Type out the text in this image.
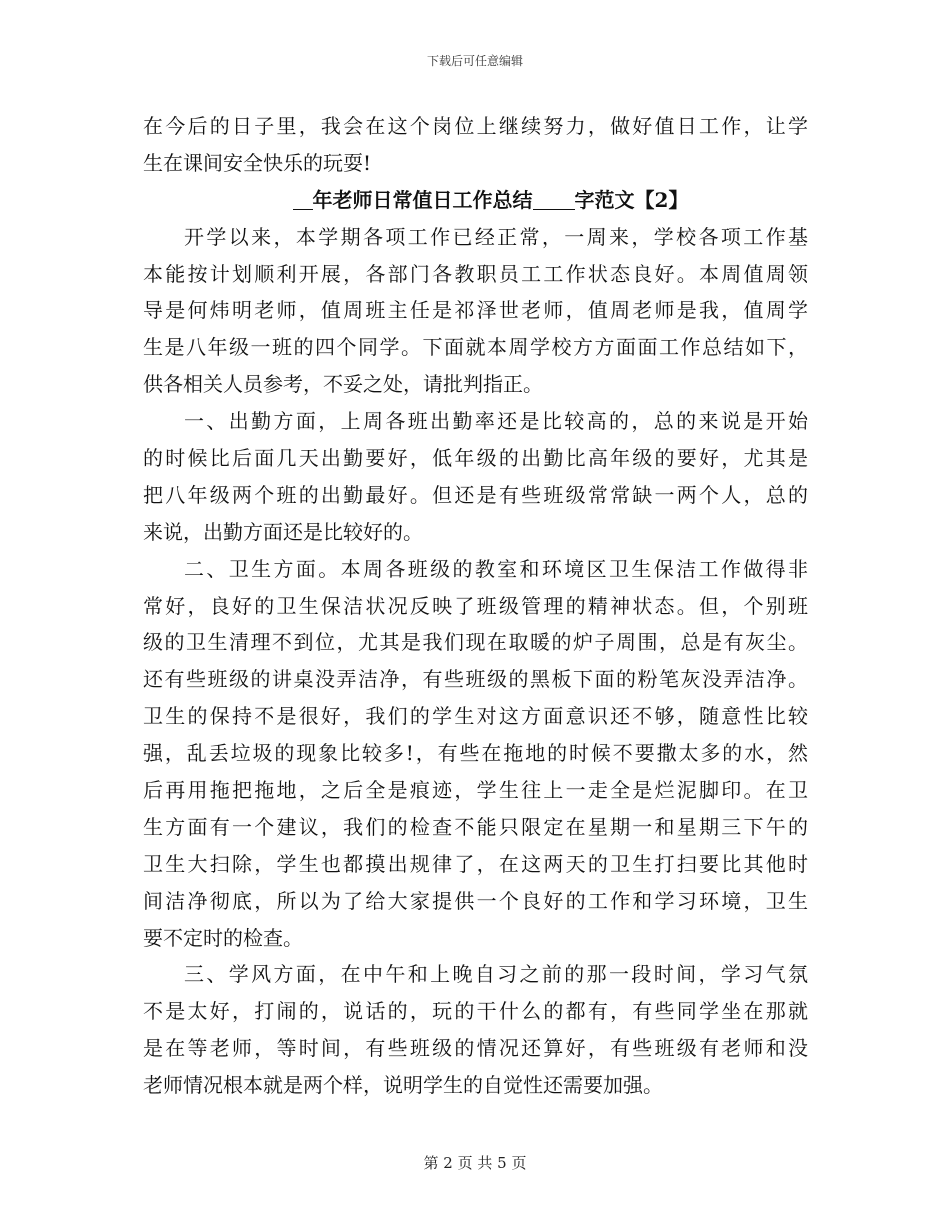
下载后可任意编辑
在今后的日子里，我会在这个岗位上继续努力，做好值日工作，让学
生在课间安全快乐的玩耍!
年老师日常值日工作总结 字范文【2】
开学以来，本学期各项工作已经正常，一周来，学校各项工作基
本能按计划顺利开展，各部门各教职员工工作状态良好。本周值周领
导是何炜明老师，值周班主任是祁泽世老师，值周老师是我，值周学
生是八年级一班的四个同学。下面就本周学校方方面面工作总结如下，
供各相关人员参考，不妥之处，请批判指正。
一、出勤方面，上周各班出勤率还是比较高的，总的来说是开始
的时候比后面几天出勤要好，低年级的出勤比高年级的要好，尤其是
把八年级两个班的出勤最好。但还是有些班级常常缺一两个人，总的
来说，出勤方面还是比较好的。
二、卫生方面。本周各班级的教室和环境区卫生保洁工作做得非
常好，良好的卫生保洁状况反映了班级管理的精神状态。但，个别班
级的卫生清理不到位，尤其是我们现在取暖的炉子周围，总是有灰尘。
还有些班级的讲桌没弄洁净，有些班级的黑板下面的粉笔灰没弄洁净。
卫生的保持不是很好，我们的学生对这方面意识还不够，随意性比较
强，乱丢垃圾的现象比较多!，有些在拖地的时候不要撒太多的水，然
后再用拖把拖地，之后全是痕迹，学生往上一走全是烂泥脚印。在卫
生方面有一个建议，我们的检查不能只限定在星期一和星期三下午的
卫生大扫除，学生也都摸出规律了，在这两天的卫生打扫要比其他时
间洁净彻底，所以为了给大家提供一个良好的工作和学习环境，卫生
要不定时的检查。
三、学风方面，在中午和上晚自习之前的那一段时间，学习气氛
不是太好，打闹的，说话的，玩的干什么的都有，有些同学坐在那就
是在等老师，等时间，有些班级的情况还算好，有些班级有老师和没
老师情况根本就是两个样，说明学生的自觉性还需要加强。
第 2 页 共 5 页
